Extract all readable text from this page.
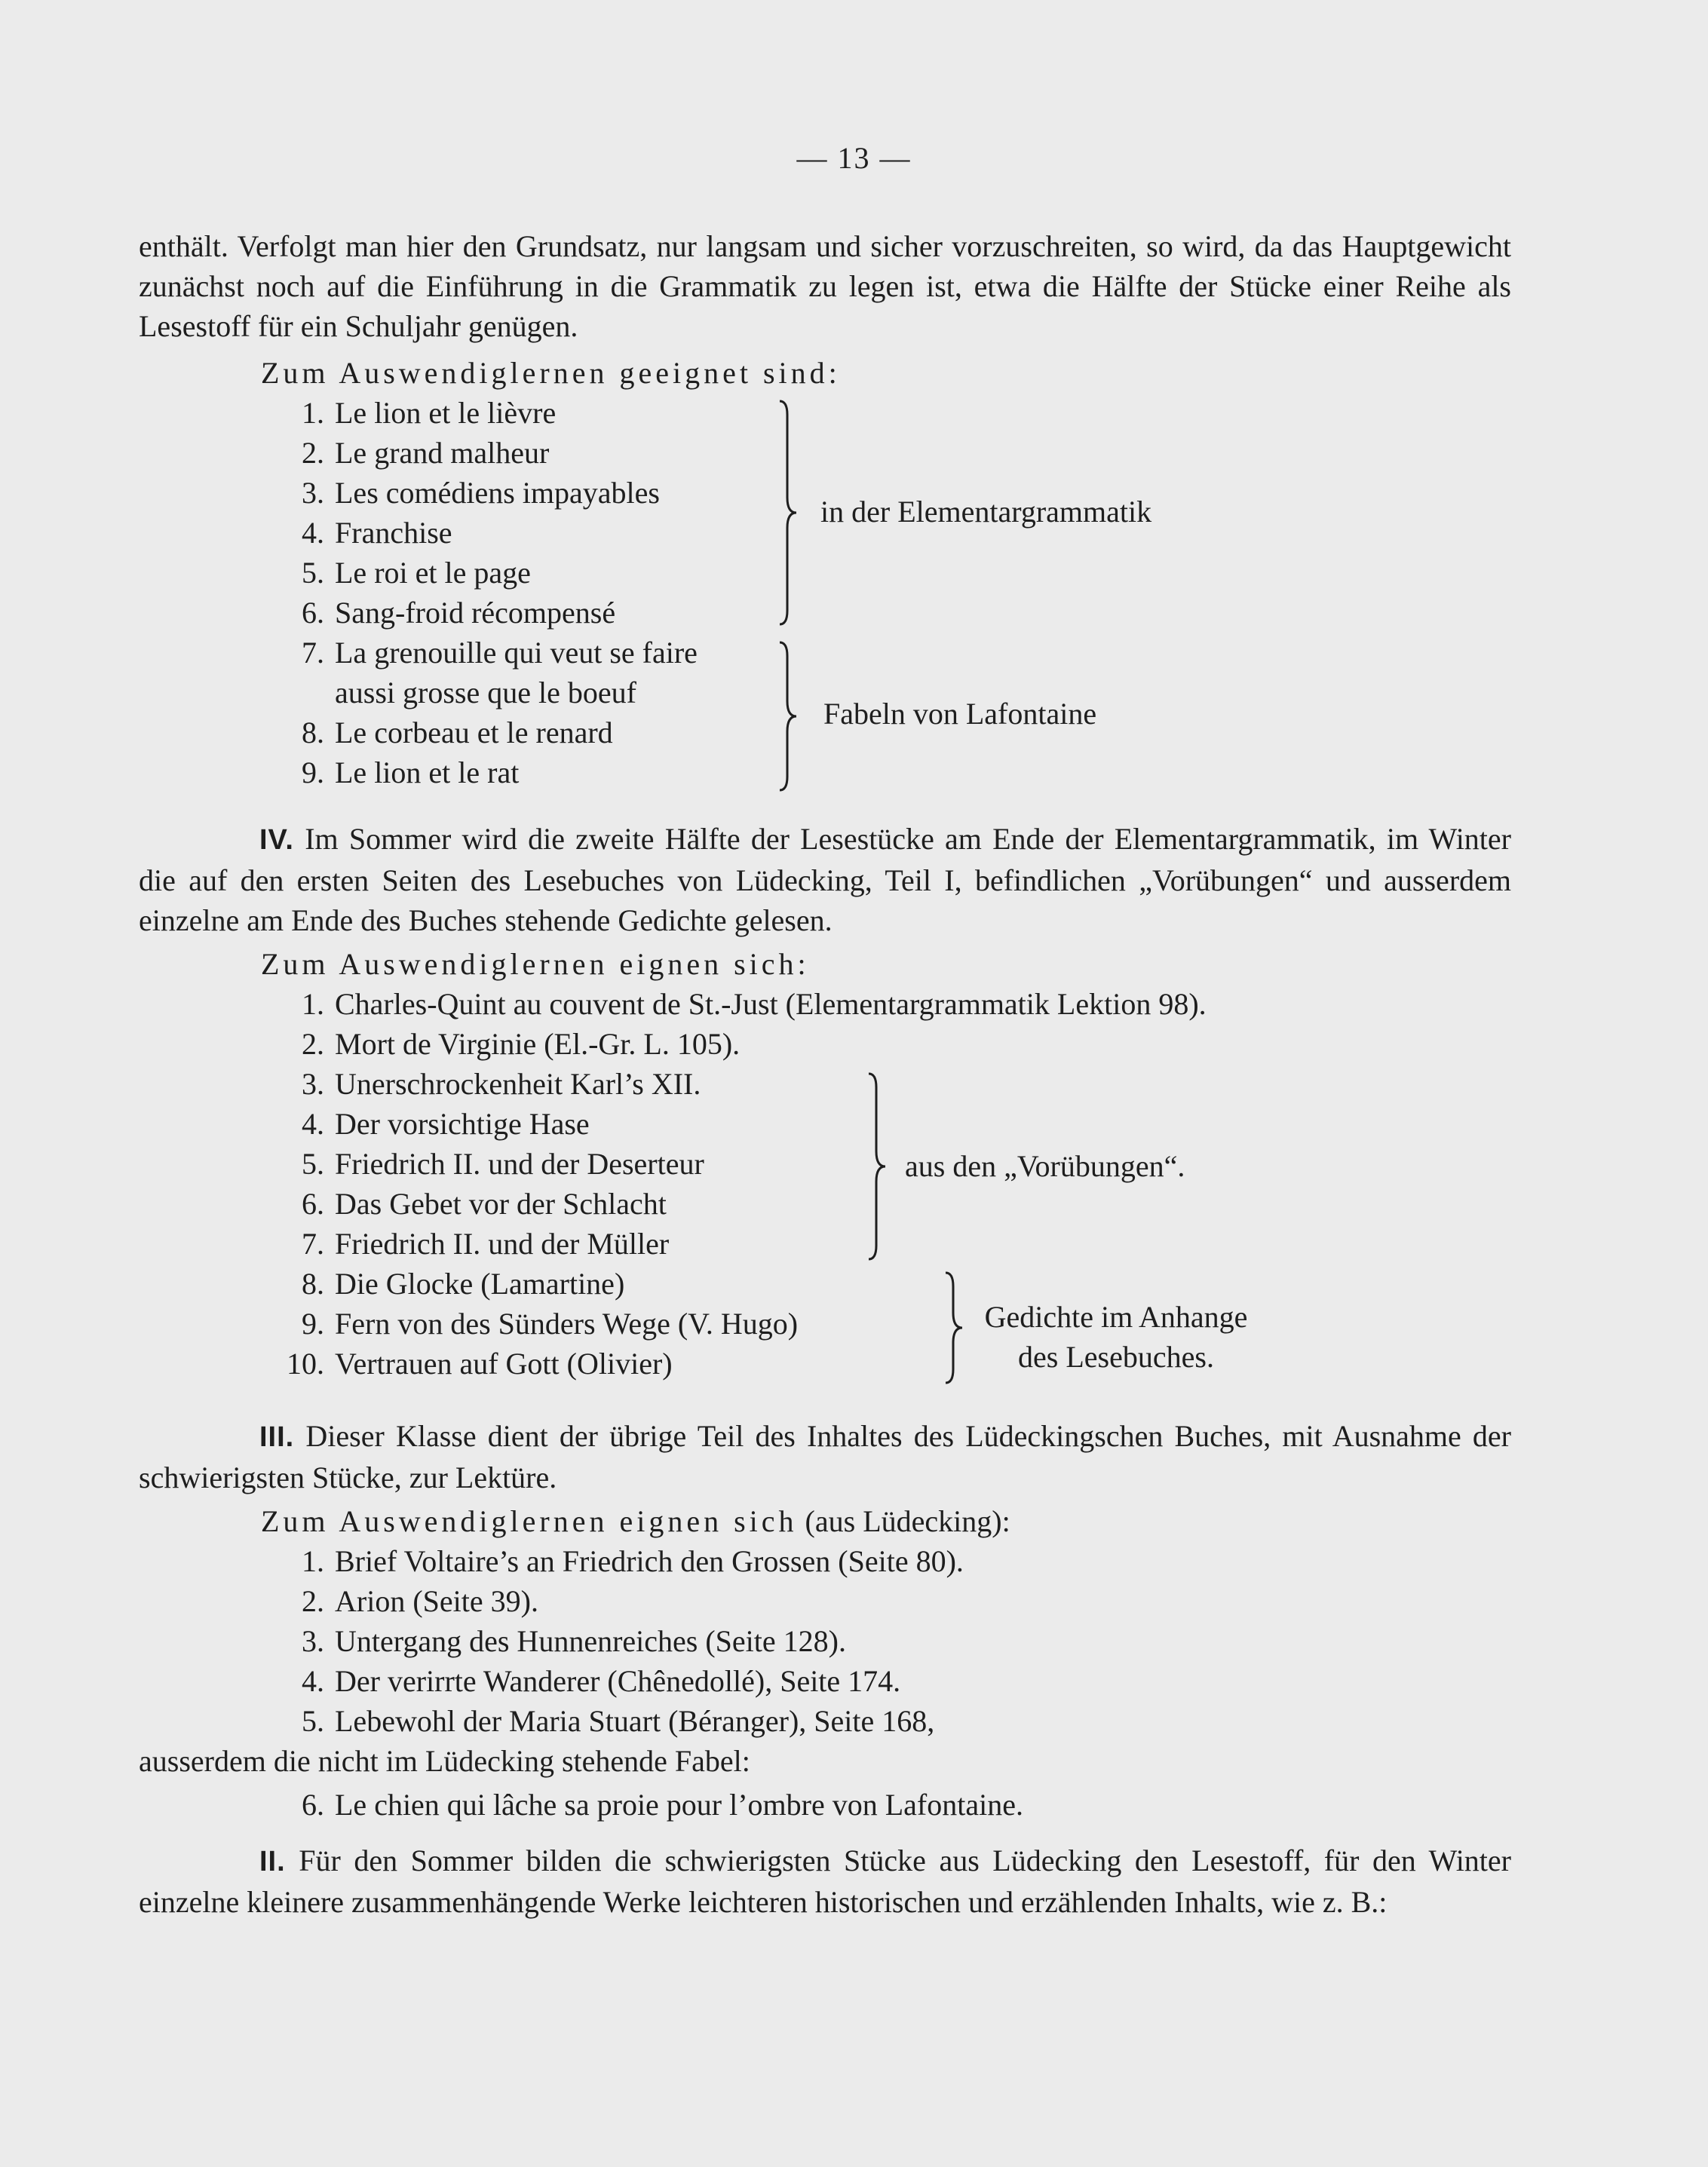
— 13 —

enthält. Verfolgt man hier den Grundsatz, nur langsam und sicher vorzuschreiten, so wird, da das Hauptgewicht zunächst noch auf die Einführung in die Grammatik zu legen ist, etwa die Hälfte der Stücke einer Reihe als Lesestoff für ein Schuljahr genügen.

Zum Auswendiglernen geeignet sind:
1. Le lion et le lièvre
2. Le grand malheur
3. Les comédiens impayables
4. Franchise
5. Le roi et le page
6. Sang-froid récompensé
7. La grenouille qui veut se faire
aussi grosse que le boeuf
8. Le corbeau et le renard
9. Le lion et le rat
in der Elementargrammatik
Fabeln von Lafontaine

IV. Im Sommer wird die zweite Hälfte der Lesestücke am Ende der Elementargrammatik, im Winter die auf den ersten Seiten des Lesebuches von Lüdecking, Teil I, befindlichen „Vorübungen“ und ausserdem einzelne am Ende des Buches stehende Gedichte gelesen.

Zum Auswendiglernen eignen sich:
1. Charles-Quint au couvent de St.-Just (Elementargrammatik Lektion 98).
2. Mort de Virginie (El.-Gr. L. 105).
3. Unerschrockenheit Karl’s XII.
4. Der vorsichtige Hase
5. Friedrich II. und der Deserteur
6. Das Gebet vor der Schlacht
7. Friedrich II. und der Müller
8. Die Glocke (Lamartine)
9. Fern von des Sünders Wege (V. Hugo)
10. Vertrauen auf Gott (Olivier)
aus den „Vorübungen“.
Gedichte im Anhange
des Lesebuches.

III. Dieser Klasse dient der übrige Teil des Inhaltes des Lüdeckingschen Buches, mit Ausnahme der schwierigsten Stücke, zur Lektüre.

Zum Auswendiglernen eignen sich (aus Lüdecking):
1. Brief Voltaire’s an Friedrich den Grossen (Seite 80).
2. Arion (Seite 39).
3. Untergang des Hunnenreiches (Seite 128).
4. Der verirrte Wanderer (Chênedollé), Seite 174.
5. Lebewohl der Maria Stuart (Béranger), Seite 168,
ausserdem die nicht im Lüdecking stehende Fabel:
6. Le chien qui lâche sa proie pour l’ombre von Lafontaine.

II. Für den Sommer bilden die schwierigsten Stücke aus Lüdecking den Lesestoff, für den Winter einzelne kleinere zusammenhängende Werke leichteren historischen und erzählenden Inhalts, wie z. B.:
